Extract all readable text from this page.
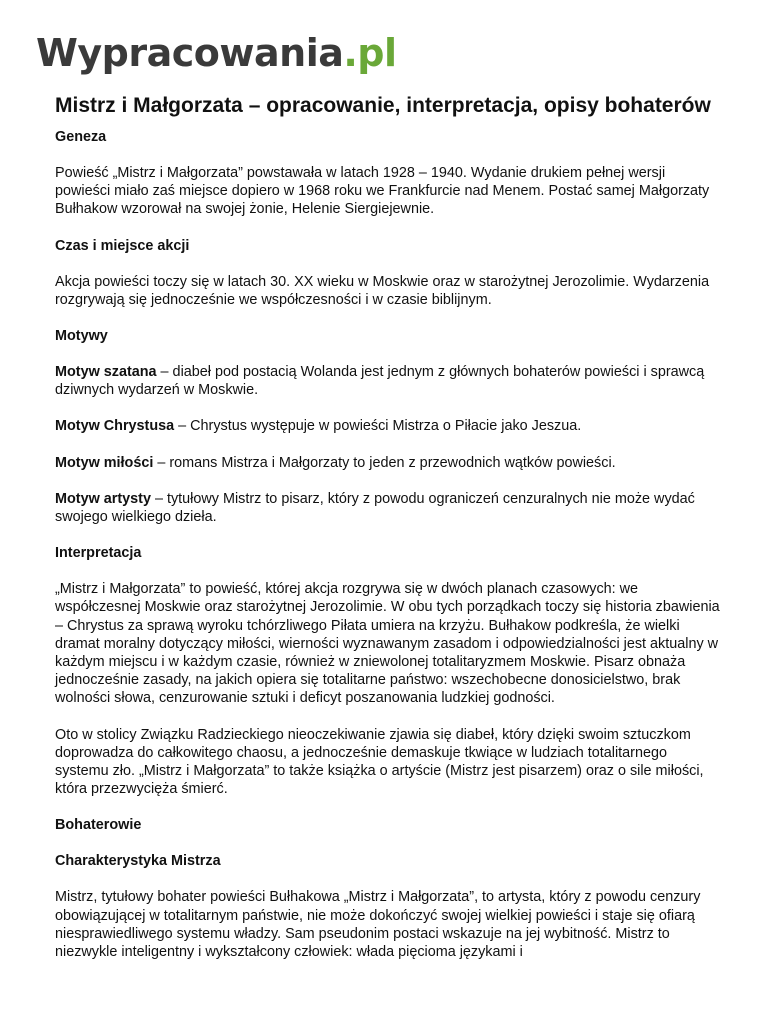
Wypracowania .pl
Mistrz i Małgorzata – opracowanie, interpretacja, opisy bohaterów
Geneza

Powieść „Mistrz i Małgorzata” powstawała w latach 1928 – 1940. Wydanie drukiem pełnej wersji powieści miało zaś miejsce dopiero w 1968 roku we Frankfurcie nad Menem. Postać samej Małgorzaty Bułhakow wzorował na swojej żonie, Helenie Siergiejewnie.

Czas i miejsce akcji

Akcja powieści toczy się w latach 30. XX wieku w Moskwie oraz w starożytnej Jerozolimie. Wydarzenia rozgrywają się jednocześnie we współczesności i w czasie biblijnym.

Motywy

Motyw szatana – diabeł pod postacią Wolanda jest jednym z głównych bohaterów powieści i sprawcą dziwnych wydarzeń w Moskwie.

Motyw Chrystusa – Chrystus występuje w powieści Mistrza o Piłacie jako Jeszua.

Motyw miłości – romans Mistrza i Małgorzaty to jeden z przewodnich wątków powieści.

Motyw artysty – tytułowy Mistrz to pisarz, który z powodu ograniczeń cenzuralnych nie może wydać swojego wielkiego dzieła.

Interpretacja

„Mistrz i Małgorzata” to powieść, której akcja rozgrywa się w dwóch planach czasowych: we współczesnej Moskwie oraz starożytnej Jerozolimie. W obu tych porządkach toczy się historia zbawienia – Chrystus za sprawą wyroku tchórzliwego Piłata umiera na krzyżu. Bułhakow podkreśla, że wielki dramat moralny dotyczący miłości, wierności wyznawanym zasadom i odpowiedzialności jest aktualny w każdym miejscu i w każdym czasie, również w zniewolonej totalitaryzmem Moskwie. Pisarz obnaża jednocześnie zasady, na jakich opiera się totalitarne państwo: wszechobecne donosicielstwo, brak wolności słowa, cenzurowanie sztuki i deficyt poszanowania ludzkiej godności.

Oto w stolicy Związku Radzieckiego nieoczekiwanie zjawia się diabeł, który dzięki swoim sztuczkom doprowadza do całkowitego chaosu, a jednocześnie demaskuje tkwiące w ludziach totalitarnego systemu zło. „Mistrz i Małgorzata” to także książka o artyście (Mistrz jest pisarzem) oraz o sile miłości, która przezwycięża śmierć.

Bohaterowie
Charakterystyka Mistrza

Mistrz, tytułowy bohater powieści Bułhakowa „Mistrz i Małgorzata”, to artysta, który z powodu cenzury obowiązującej w totalitarnym państwie, nie może dokończyć swojej wielkiej powieści i staje się ofiarą niesprawiedliwego systemu władzy. Sam pseudonim postaci wskazuje na jej wybitność. Mistrz to niezwykle inteligentny i wykształcony człowiek: włada pięcioma językami i
